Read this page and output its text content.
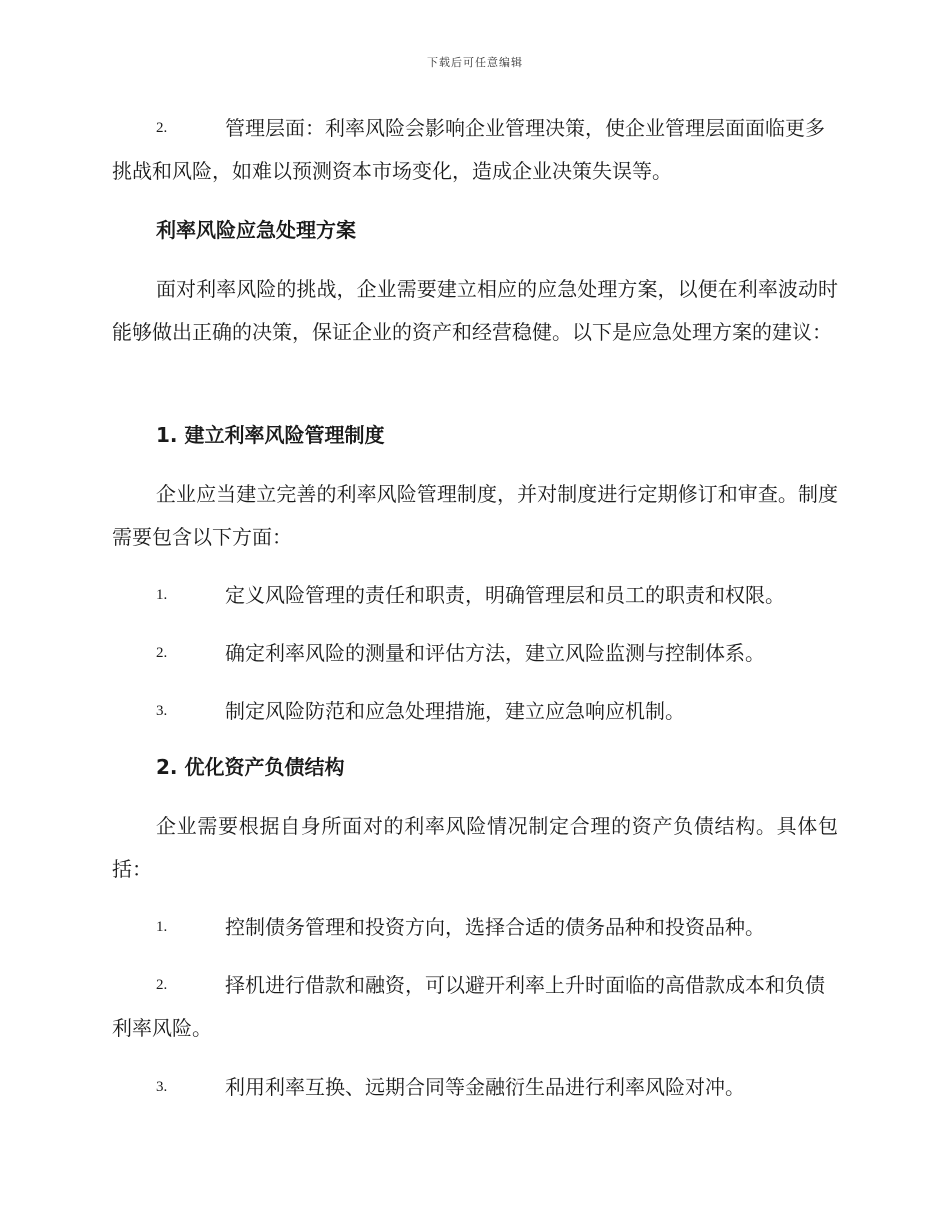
下载后可任意编辑
2.	管理层面：利率风险会影响企业管理决策，使企业管理层面面临更多挑战和风险，如难以预测资本市场变化，造成企业决策失误等。
利率风险应急处理方案
面对利率风险的挑战，企业需要建立相应的应急处理方案，以便在利率波动时能够做出正确的决策，保证企业的资产和经营稳健。以下是应急处理方案的建议：
1. 建立利率风险管理制度
企业应当建立完善的利率风险管理制度，并对制度进行定期修订和审查。制度需要包含以下方面：
1.	定义风险管理的责任和职责，明确管理层和员工的职责和权限。
2.	确定利率风险的测量和评估方法，建立风险监测与控制体系。
3.	制定风险防范和应急处理措施，建立应急响应机制。
2. 优化资产负债结构
企业需要根据自身所面对的利率风险情况制定合理的资产负债结构。具体包括：
1.	控制债务管理和投资方向，选择合适的债务品种和投资品种。
2.	择机进行借款和融资，可以避开利率上升时面临的高借款成本和负债利率风险。
3.	利用利率互换、远期合同等金融衍生品进行利率风险对冲。
